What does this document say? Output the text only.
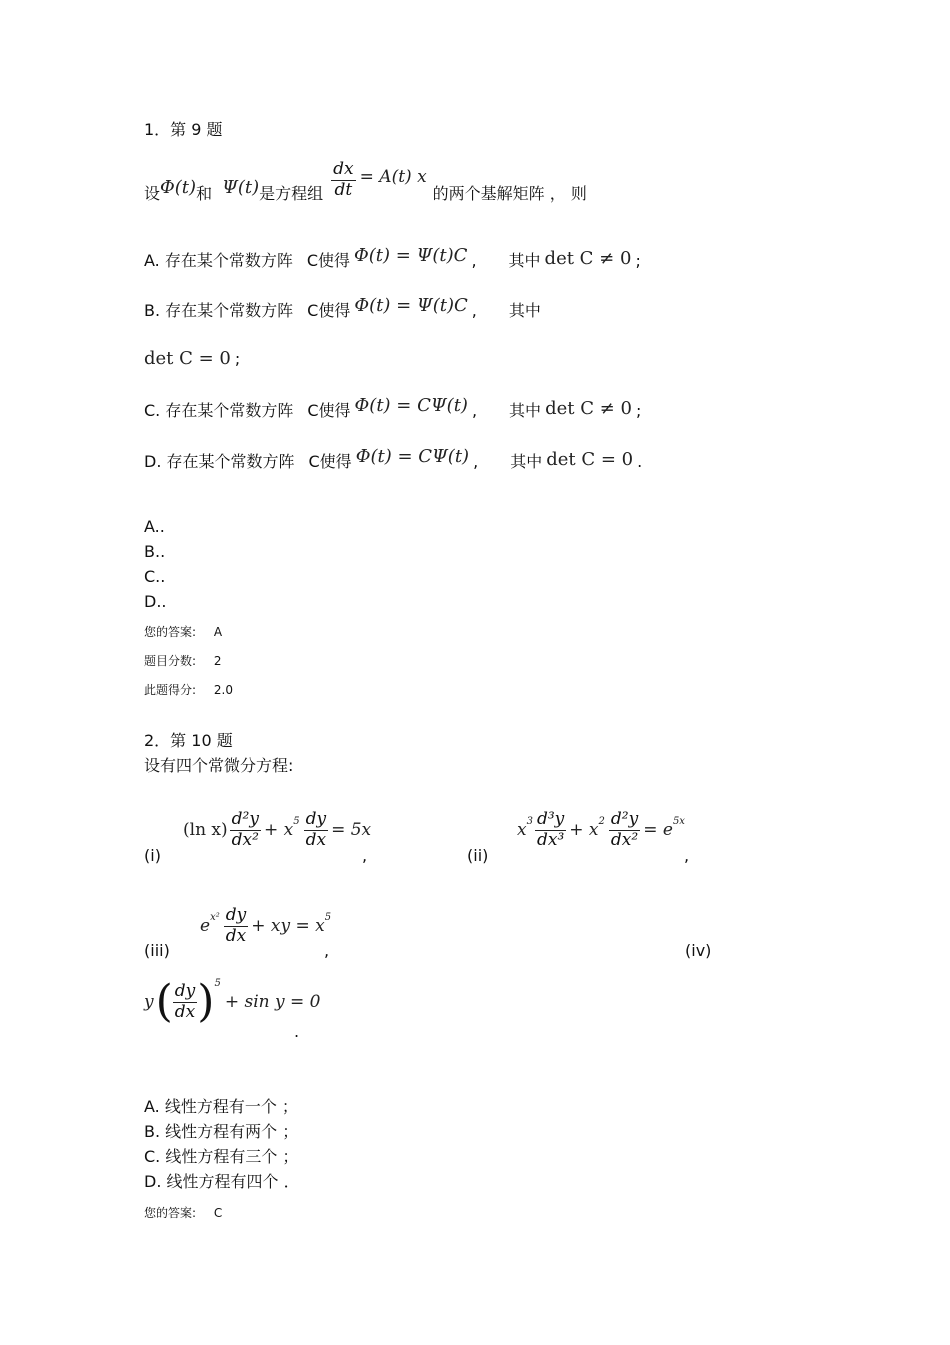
1．第 9 题
设 Φ(t) 和 Ψ(t) 是方程组 $\frac{dx}{dt} = A(t)$ x
的两个基解矩阵 ， 则
A. 存在某个常数方阵 C 使得 Φ(t) = Ψ(t)C , 其中 det C ≠ 0 ;
B. 存在某个常数方阵 C 使得 Φ(t) = Ψ(t)C , 其中
det C = 0 ;
C. 存在某个常数方阵 C 使得 Φ(t) = CΨ(t) , 其中 det C ≠ 0 ;
D. 存在某个常数方阵 C 使得 Φ(t) = CΨ(t) , 其中 det C = 0 .
A..
B..
C..
D..
您的答案: A
题目分数: 2
此题得分: 2.0
2．第 10 题
设有四个常微分方程:
(i)
(ln $x) \frac{\text{d²y}}{\text{dx²}} + x$ $5 \frac{dy}{dx} = 5x$
,	(ii)
x $3 \frac{\text{d³y}}{\text{dx³}} + x$ $2 \frac{\text{d²y}}{\text{dx²}} = e$ 5x
,
(iii)
e $x^2 \frac{dy}{dx}$ + xy = x 5
,	(iv)
y ( $\frac{dy}{dx}$ ) 5
+ sin y = 0
.
A. 线性方程有一个 ；
B. 线性方程有两个 ；
C. 线性方程有三个 ；
D. 线性方程有四个 ．
您的答案: C
